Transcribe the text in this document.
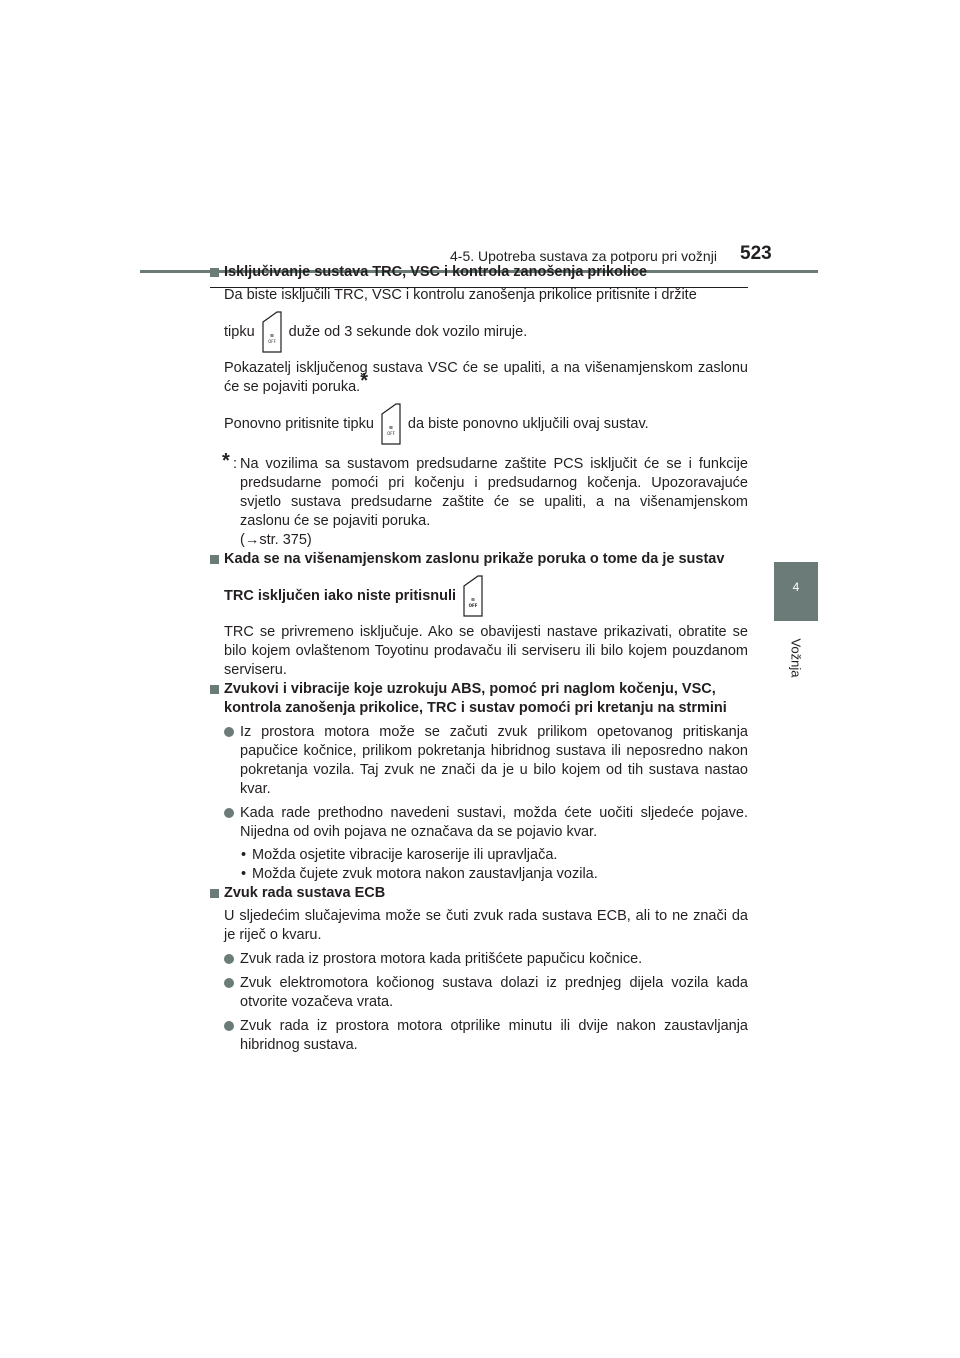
4-5. Upotreba sustava za potporu pri vožnji 523
4
Vožnja

Isključivanje sustava TRC, VSC i kontrola zanošenja prikolice

Da biste isključili TRC, VSC i kontrolu zanošenja prikolice pritisnite i držite

tipku	≋
OFF
duže od 3 sekunde dok vozilo miruje.

Pokazatelj isključenog sustava VSC će se upaliti, a na višenamjenskom zaslonu će se pojaviti poruka.*

Ponovno pritisnite tipku	≋
OFF
da biste ponovno uključili ovaj sustav.

* : Na vozilima sa sustavom predsudarne zaštite PCS isključit će se i funkcije predsudarne pomoći pri kočenju i predsudarnog kočenja. Upozoravajuće svjetlo sustava predsudarne zaštite će se upaliti, a na višenamjenskom zaslonu će se pojaviti poruka.

(→str. 375)

Kada se na višenamjenskom zaslonu prikaže poruka o tome da je sustav

TRC isključen iako niste pritisnuli	≋
OFF

TRC se privremeno isključuje. Ako se obavijesti nastave prikazivati, obratite se bilo kojem ovlaštenom Toyotinu prodavaču ili serviseru ili bilo kojem pouzdanom serviseru.

Zvukovi i vibracije koje uzrokuju ABS, pomoć pri naglom kočenju, VSC, kontrola zanošenja prikolice, TRC i sustav pomoći pri kretanju na strmini

Iz prostora motora može se začuti zvuk prilikom opetovanog pritiskanja papučice kočnice, prilikom pokretanja hibridnog sustava ili neposredno nakon pokretanja vozila. Taj zvuk ne znači da je u bilo kojem od tih sustava nastao kvar.

Kada rade prethodno navedeni sustavi, možda ćete uočiti sljedeće pojave. Nijedna od ovih pojava ne označava da se pojavio kvar.

• Možda osjetite vibracije karoserije ili upravljača.

• Možda čujete zvuk motora nakon zaustavljanja vozila.

Zvuk rada sustava ECB

U sljedećim slučajevima može se čuti zvuk rada sustava ECB, ali to ne znači da je riječ o kvaru.

Zvuk rada iz prostora motora kada pritišćete papučicu kočnice.

Zvuk elektromotora kočionog sustava dolazi iz prednjeg dijela vozila kada otvorite vozačeva vrata.

Zvuk rada iz prostora motora otprilike minutu ili dvije nakon zaustavljanja hibridnog sustava.
